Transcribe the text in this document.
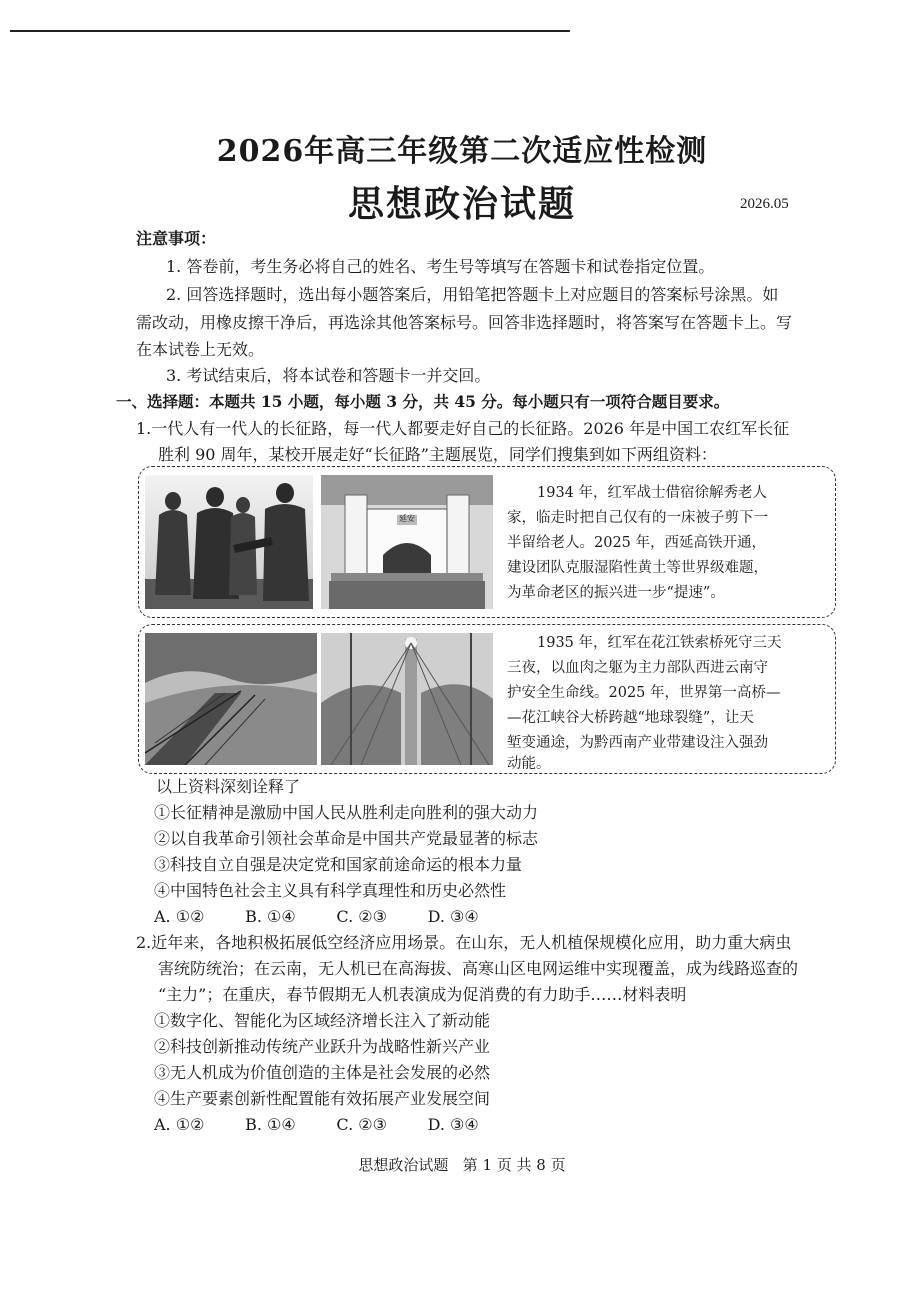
2026年高三年级第二次适应性检测
思想政治试题	2026.05
注意事项：
1. 答卷前，考生务必将自己的姓名、考生号等填写在答题卡和试卷指定位置。
2. 回答选择题时，选出每小题答案后，用铅笔把答题卡上对应题目的答案标号涂黑。如
需改动，用橡皮擦干净后，再选涂其他答案标号。回答非选择题时，将答案写在答题卡上。写
在本试卷上无效。
3. 考试结束后，将本试卷和答题卡一并交回。
一、选择题：本题共 15 小题，每小题 3 分，共 45 分。每小题只有一项符合题目要求。
1.一代人有一代人的长征路，每一代人都要走好自己的长征路。2026 年是中国工农红军长征
胜利 90 周年，某校开展走好“长征路”主题展览，同学们搜集到如下两组资料：
延安
1934 年，红军战士借宿徐解秀老人
家，临走时把自己仅有的一床被子剪下一
半留给老人。2025 年，西延高铁开通，
建设团队克服湿陷性黄土等世界级难题，
为革命老区的振兴进一步“提速”。
1935 年，红军在花江铁索桥死守三天
三夜，以血肉之躯为主力部队西进云南守
护安全生命线。2025 年，世界第一高桥—
—花江峡谷大桥跨越“地球裂缝”，让天
堑变通途，为黔西南产业带建设注入强劲
动能。
以上资料深刻诠释了
①长征精神是激励中国人民从胜利走向胜利的强大动力
②以自我革命引领社会革命是中国共产党最显著的标志
③科技自立自强是决定党和国家前途命运的根本力量
④中国特色社会主义具有科学真理性和历史必然性
A. ①②        B. ①④        C. ②③        D. ③④
2.近年来，各地积极拓展低空经济应用场景。在山东，无人机植保规模化应用，助力重大病虫
害统防统治；在云南，无人机已在高海拔、高寒山区电网运维中实现覆盖，成为线路巡查的
“主力”；在重庆，春节假期无人机表演成为促消费的有力助手……材料表明
①数字化、智能化为区域经济增长注入了新动能
②科技创新推动传统产业跃升为战略性新兴产业
③无人机成为价值创造的主体是社会发展的必然
④生产要素创新性配置能有效拓展产业发展空间
A. ①②        B. ①④        C. ②③        D. ③④
思想政治试题   第 1 页 共 8 页
